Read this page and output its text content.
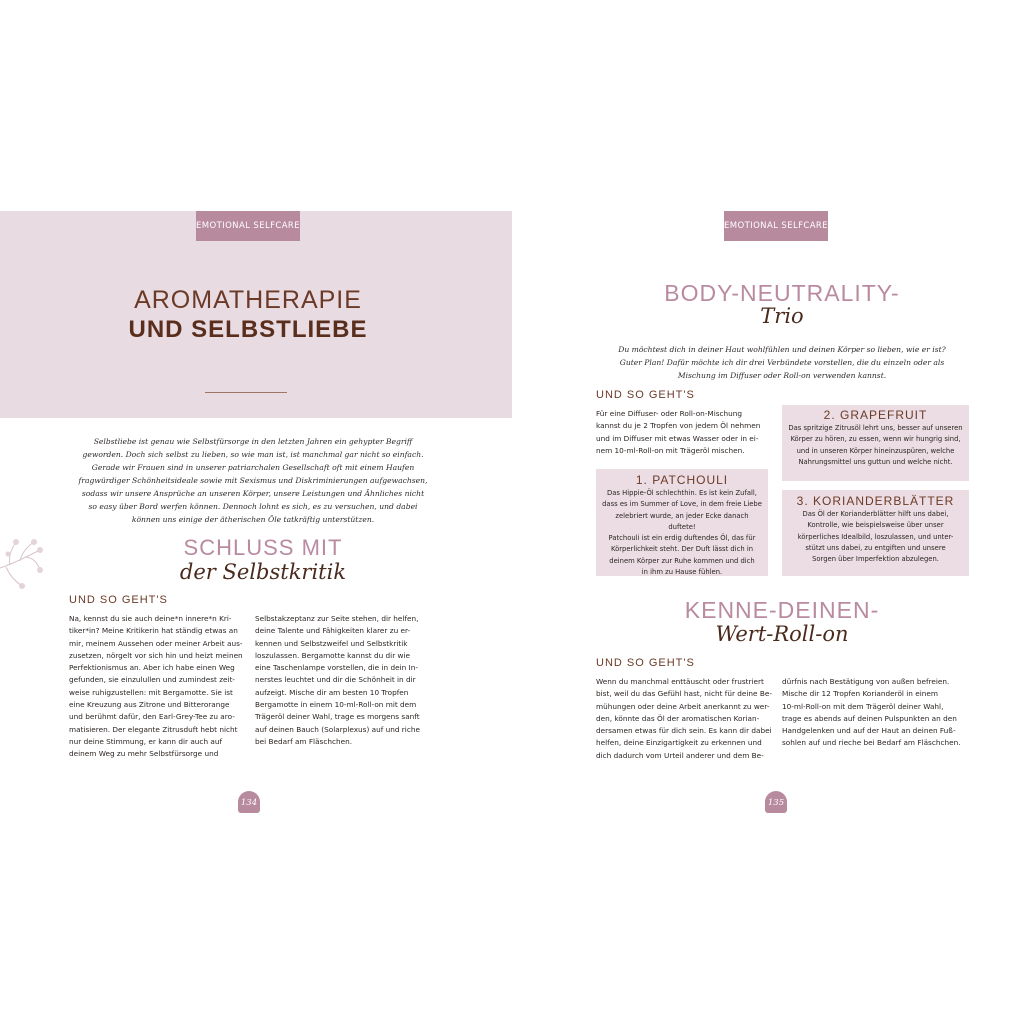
EMOTIONAL SELFCARE
AROMATHERAPIE
UND SELBSTLIEBE
Selbstliebe ist genau wie Selbstfürsorge in den letzten Jahren ein gehypter Begriff
geworden. Doch sich selbst zu lieben, so wie man ist, ist manchmal gar nicht so einfach.
Gerade wir Frauen sind in unserer patriarchalen Gesellschaft oft mit einem Haufen
fragwürdiger Schönheitsideale sowie mit Sexismus und Diskriminierungen aufgewachsen,
sodass wir unsere Ansprüche an unseren Körper, unsere Leistungen und Ähnliches nicht
so easy über Bord werfen können. Dennoch lohnt es sich, es zu versuchen, und dabei
können uns einige der ätherischen Öle tatkräftig unterstützen.
SCHLUSS MIT
der Selbstkritik
UND SO GEHT'S
Na, kennst du sie auch deine*n innere*n Kri-
tiker*in? Meine Kritikerin hat ständig etwas an
mir, meinem Aussehen oder meiner Arbeit aus-
zusetzen, nörgelt vor sich hin und heizt meinen
Perfektionismus an. Aber ich habe einen Weg
gefunden, sie einzulullen und zumindest zeit-
weise ruhigzustellen: mit Bergamotte. Sie ist
eine Kreuzung aus Zitrone und Bitterorange
und berühmt dafür, den Earl-Grey-Tee zu aro-
matisieren. Der elegante Zitrusduft hebt nicht
nur deine Stimmung, er kann dir auch auf
deinem Weg zu mehr Selbstfürsorge und
Selbstakzeptanz zur Seite stehen, dir helfen,
deine Talente und Fähigkeiten klarer zu er-
kennen und Selbstzweifel und Selbstkritik
loszulassen. Bergamotte kannst du dir wie
eine Taschenlampe vorstellen, die in dein In-
nerstes leuchtet und dir die Schönheit in dir
aufzeigt. Mische dir am besten 10 Tropfen
Bergamotte in einem 10-ml-Roll-on mit dem
Trägeröl deiner Wahl, trage es morgens sanft
auf deinen Bauch (Solarplexus) auf und riche
bei Bedarf am Fläschchen.
134
EMOTIONAL SELFCARE
BODY-NEUTRALITY-
Trio
Du möchtest dich in deiner Haut wohlfühlen und deinen Körper so lieben, wie er ist?
Guter Plan! Dafür möchte ich dir drei Verbündete vorstellen, die du einzeln oder als
Mischung im Diffuser oder Roll-on verwenden kannst.
UND SO GEHT'S
Für eine Diffuser- oder Roll-on-Mischung
kannst du je 2 Tropfen von jedem Öl nehmen
und im Diffuser mit etwas Wasser oder in ei-
nem 10-ml-Roll-on mit Trägeröl mischen.
1. PATCHOULI
Das Hippie-Öl schlechthin. Es ist kein Zufall,
dass es im Summer of Love, in dem freie Liebe
zelebriert wurde, an jeder Ecke danach duftete!
Patchouli ist ein erdig duftendes Öl, das für
Körperlichkeit steht. Der Duft lässt dich in
deinem Körper zur Ruhe kommen und dich
in ihm zu Hause fühlen.
2. GRAPEFRUIT
Das spritzige Zitrusöl lehrt uns, besser auf unseren
Körper zu hören, zu essen, wenn wir hungrig sind,
und in unseren Körper hineinzuspüren, welche
Nahrungsmittel uns guttun und welche nicht.
3. KORIANDERBLÄTTER
Das Öl der Korianderblätter hilft uns dabei,
Kontrolle, wie beispielsweise über unser
körperliches Idealbild, loszulassen, und unter-
stützt uns dabei, zu entgiften und unsere
Sorgen über Imperfektion abzulegen.
KENNE-DEINEN-
Wert-Roll-on
UND SO GEHT'S
Wenn du manchmal enttäuscht oder frustriert
bist, weil du das Gefühl hast, nicht für deine Be-
mühungen oder deine Arbeit anerkannt zu wer-
den, könnte das Öl der aromatischen Korian-
dersamen etwas für dich sein. Es kann dir dabei
helfen, deine Einzigartigkeit zu erkennen und
dich dadurch vom Urteil anderer und dem Be-
dürfnis nach Bestätigung von außen befreien.
Mische dir 12 Tropfen Korianderöl in einem
10-ml-Roll-on mit dem Trägeröl deiner Wahl,
trage es abends auf deinen Pulspunkten an den
Handgelenken und auf der Haut an deinen Fuß-
sohlen auf und rieche bei Bedarf am Fläschchen.
135
